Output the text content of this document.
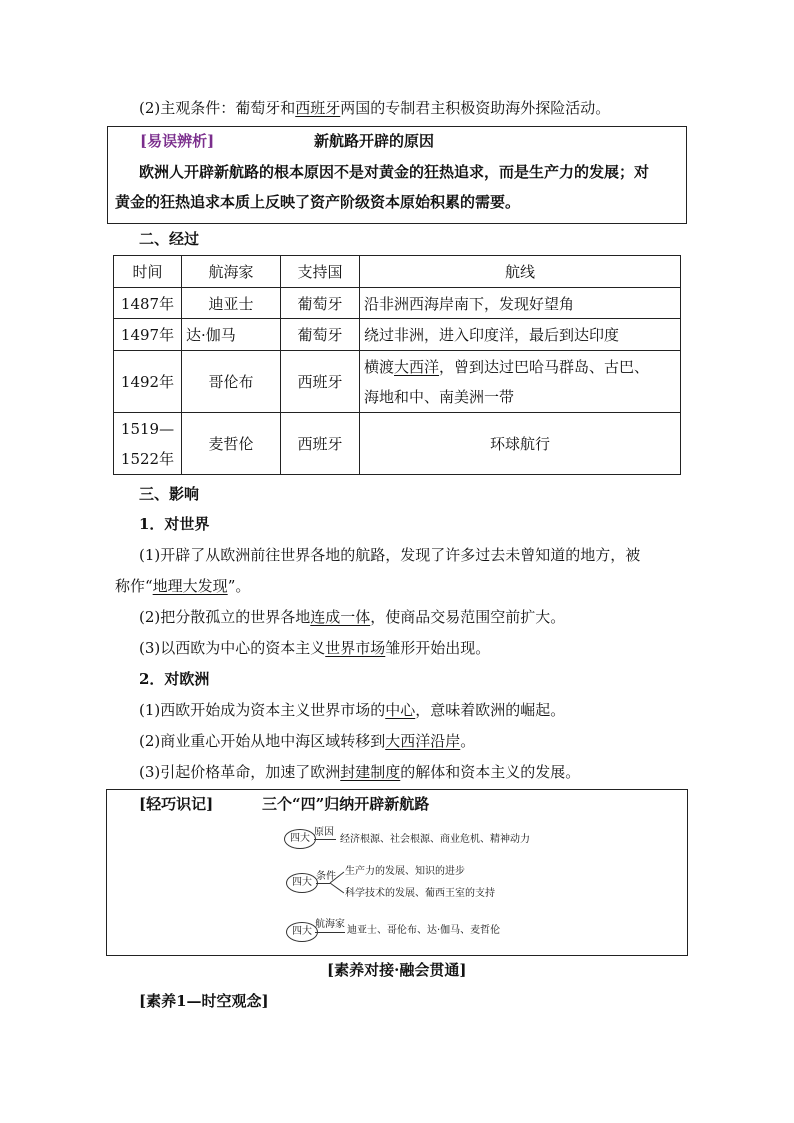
(2)主观条件：葡萄牙和西班牙两国的专制君主积极资助海外探险活动。
[易误辨析]	新航路开辟的原因
欧洲人开辟新航路的根本原因不是对黄金的狂热追求，而是生产力的发展；对
黄金的狂热追求本质上反映了资产阶级资本原始积累的需要。
二、经过
时间	航海家	支持国	航线
1487年	迪亚士	葡萄牙	沿非洲西海岸南下，发现好望角
1497年	达·伽马	葡萄牙	绕过非洲，进入印度洋，最后到达印度
1492年	哥伦布	西班牙	横渡大西洋，曾到达过巴哈马群岛、古巴、
海地和中、南美洲一带
1519—
1522年	麦哲伦	西班牙	环球航行
三、影响
1．对世界
(1)开辟了从欧洲前往世界各地的航路，发现了许多过去未曾知道的地方，被
称作“地理大发现”。
(2)把分散孤立的世界各地连成一体，使商品交易范围空前扩大。
(3)以西欧为中心的资本主义世界市场雏形开始出现。
2．对欧洲
(1)西欧开始成为资本主义世界市场的中心，意味着欧洲的崛起。
(2)商业重心开始从地中海区域转移到大西洋沿岸。
(3)引起价格革命，加速了欧洲封建制度的解体和资本主义的发展。
[轻巧识记]	三个“四”归纳开辟新航路
四大
原因
经济根源、社会根源、商业危机、精神动力
四大
条件 生产力的发展、知识的进步
科学技术的发展、葡西王室的支持
四大
航海家
迪亚士、哥伦布、达·伽马、麦哲伦
[素养对接·融会贯通]
[素养1—时空观念]
